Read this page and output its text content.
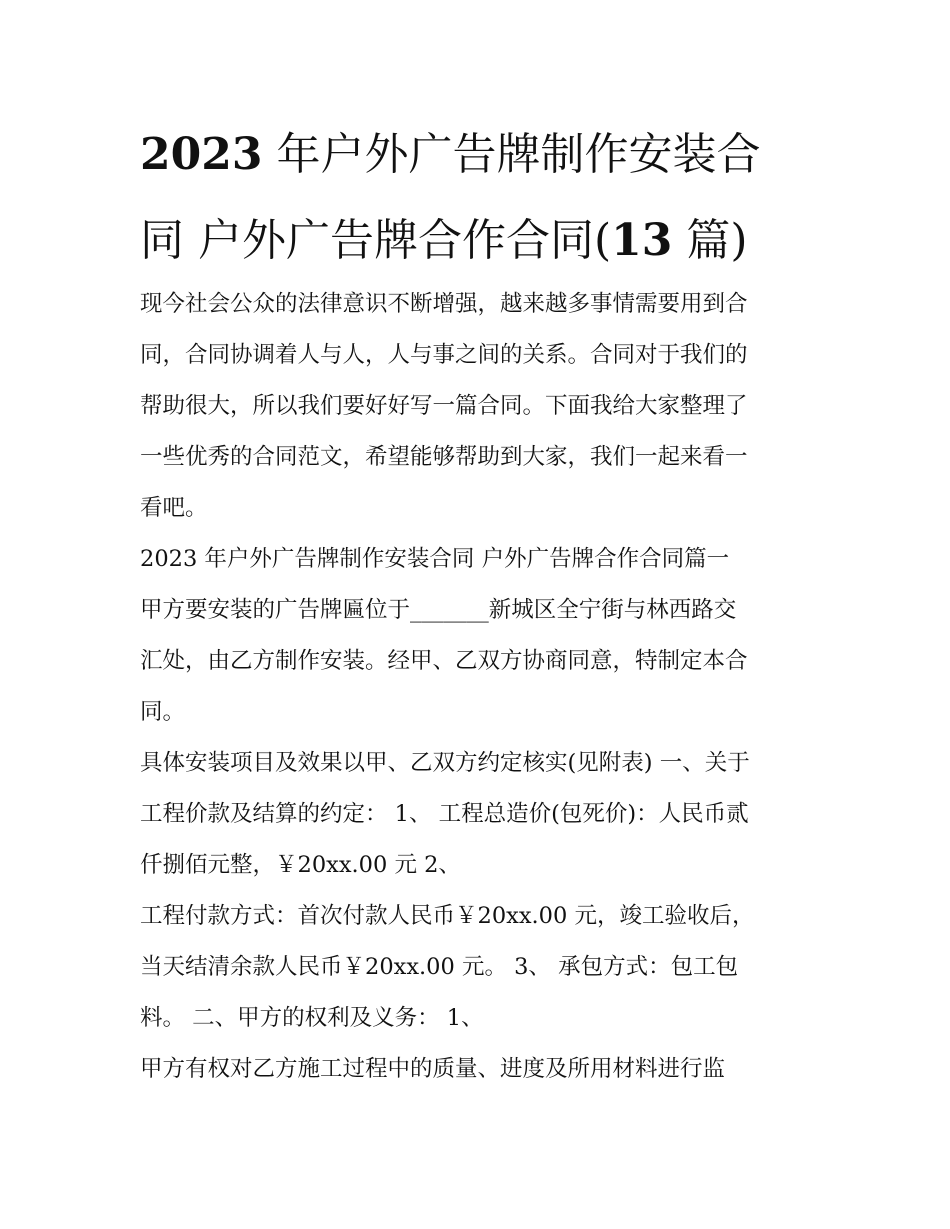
2023 年户外广告牌制作安装合
同 户外广告牌合作合同(13 篇)
现今社会公众的法律意识不断增强，越来越多事情需要用到合
同，合同协调着人与人，人与事之间的关系。合同对于我们的
帮助很大，所以我们要好好写一篇合同。下面我给大家整理了
一些优秀的合同范文，希望能够帮助到大家，我们一起来看一
看吧。
2023 年户外广告牌制作安装合同 户外广告牌合作合同篇一
甲方要安装的广告牌匾位于_______新城区全宁街与林西路交
汇处，由乙方制作安装。经甲、乙双方协商同意，特制定本合
同。
具体安装项目及效果以甲、乙双方约定核实(见附表) 一、关于
工程价款及结算的约定： 1、 工程总造价(包死价)：人民币贰
仟捌佰元整，￥20xx.00 元 2、
工程付款方式：首次付款人民币￥20xx.00 元，竣工验收后，
当天结清余款人民币￥20xx.00 元。 3、 承包方式：包工包
料。 二、甲方的权利及义务： 1、
甲方有权对乙方施工过程中的质量、进度及所用材料进行监
